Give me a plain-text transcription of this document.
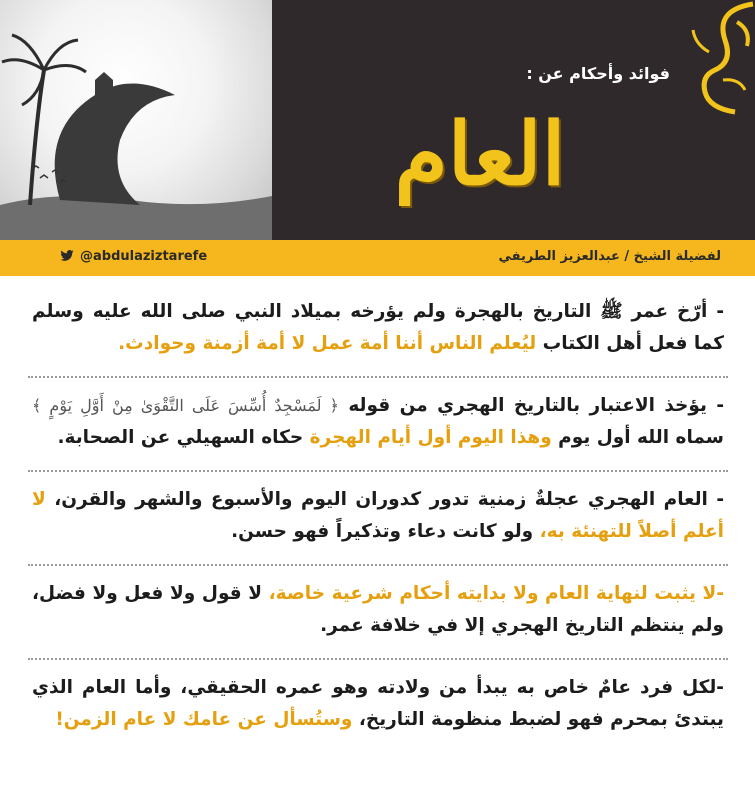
فوائد وأحكام عن :
العام
@abdulaziztarefe	لفضيلة الشيخ / عبدالعزيز الطريفي
- أرّخ عمر ﷺ التاريخ بالهجرة ولم يؤرخه بميلاد النبي صلى الله عليه وسلم كما فعل أهل الكتاب ليُعلم الناس أننا أمة عمل لا أمة أزمنة وحوادث.
- يؤخذ الاعتبار بالتاريخ الهجري من قوله ﴿ لَمَسْجِدٌ أُسِّسَ عَلَى التَّقْوَىٰ مِنْ أَوَّلِ يَوْمٍ ﴾ سماه الله أول يوم وهذا اليوم أول أيام الهجرة حكاه السهيلي عن الصحابة.
- العام الهجري عجلةٌ زمنية تدور كدوران اليوم والأسبوع والشهر والقرن، لا أعلم أصلاً للتهنئة به، ولو كانت دعاء وتذكيراً فهو حسن.
-لا يثبت لنهاية العام ولا بدايته أحكام شرعية خاصة، لا قول ولا فعل ولا فضل، ولم ينتظم التاريخ الهجري إلا في خلافة عمر.
-لكل فرد عامٌ خاص به يبدأ من ولادته وهو عمره الحقيقي، وأما العام الذي يبتدئ بمحرم فهو لضبط منظومة التاريخ، وستُسأل عن عامك لا عام الزمن!
